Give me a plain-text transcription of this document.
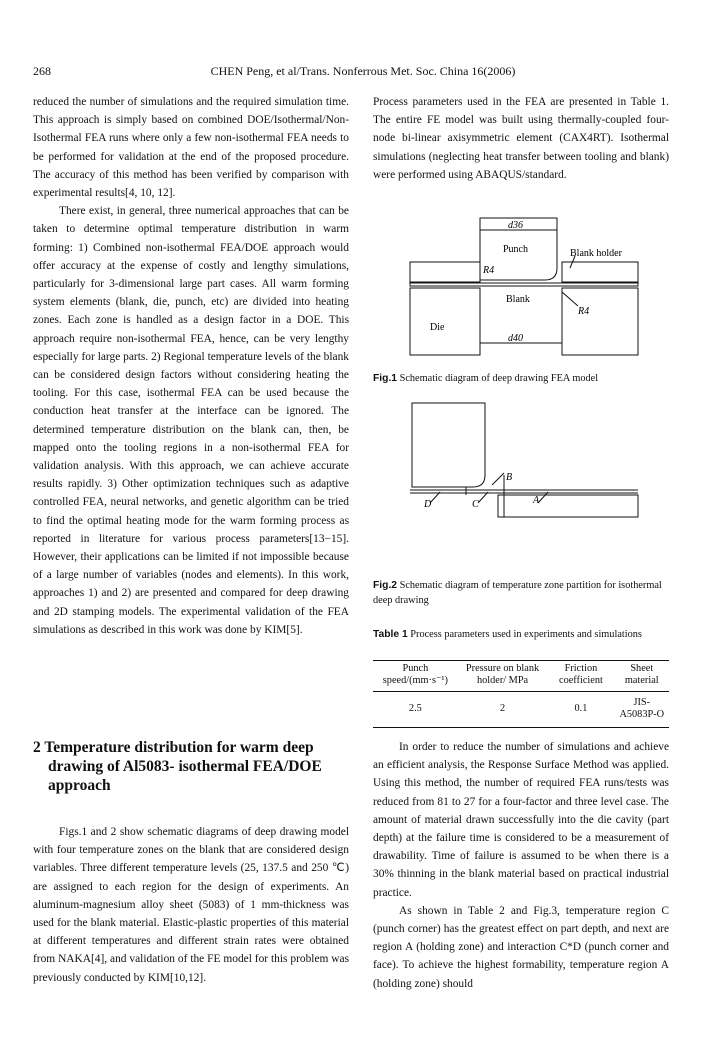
268	CHEN Peng, et al/Trans. Nonferrous Met. Soc. China 16(2006)

reduced the number of simulations and the required simulation time. This approach is simply based on combined DOE/Isothermal/Non-Isothermal FEA runs where only a few non-isothermal FEA needs to be performed for validation at the end of the proposed procedure. The accuracy of this method has been verified by comparison with experimental results[4, 10, 12].

There exist, in general, three numerical approaches that can be taken to determine optimal temperature distribution in warm forming: 1) Combined non-isothermal FEA/DOE approach would offer accuracy at the expense of costly and lengthy simulations, particularly for 3-dimensional large part cases. All warm forming system elements (blank, die, punch, etc) are divided into heating zones. Each zone is handled as a design factor in a DOE. This approach require non-isothermal FEA, hence, can be very lengthy especially for large parts. 2) Regional temperature levels of the blank can be considered design factors without considering heating the tooling. For this case, isothermal FEA can be used because the conduction heat transfer at the interface can be ignored. The determined temperature distribution on the blank can, then, be mapped onto the tooling regions in a non-isothermal FEA for validation analysis. With this approach, we can achieve accurate results rapidly. 3) Other optimization techniques such as adaptive controlled FEA, neural networks, and genetic algorithm can be tried to find the optimal heating mode for the warm forming process as reported in literature for various process parameters[13−15]. However, their applications can be limited if not impossible because of a large number of variables (nodes and elements). In this work, approaches 1) and 2) are presented and compared for deep drawing and 2D stamping models. The experimental validation of the FEA simulations as described in this work was done by KIM[5].

2 Temperature distribution for warm deep
drawing of Al5083- isothermal FEA/DOE
approach

Figs.1 and 2 show schematic diagrams of deep drawing model with four temperature zones on the blank that are considered design variables. Three different temperature levels (25, 137.5 and 250 ℃) are assigned to each region for the design of experiments. An aluminum-magnesium alloy sheet (5083) of 1 mm-thickness was used for the blank material. Elastic-plastic properties of this material at different temperatures and different strain rates were obtained from NAKA[4], and validation of the FE model for this problem was previously conducted by KIM[10,12].

Process parameters used in the FEA are presented in Table 1. The entire FE model was built using thermally-coupled four-node bi-linear axisymmetric element (CAX4RT). Isothermal simulations (neglecting heat transfer between tooling and blank) were performed using ABAQUS/standard.

d36
Punch
R4
Blank holder
Blank
R4
Die
d40
Fig.1 Schematic diagram of deep drawing FEA model
B
D	C	A
Fig.2 Schematic diagram of temperature zone partition for isothermal deep drawing
Table 1 Process parameters used in experiments and simulations
Punch speed/(mm·s⁻¹)	Pressure on blank holder/ MPa	Friction coefficient	Sheet material
2.5	2	0.1	JIS-A5083P-O

In order to reduce the number of simulations and achieve an efficient analysis, the Response Surface Method was applied. Using this method, the number of required FEA runs/tests was reduced from 81 to 27 for a four-factor and three level case. The amount of material drawn successfully into the die cavity (part depth) at the failure time is considered to be a measurement of drawability. Time of failure is assumed to be when there is a 30% thinning in the blank material based on practical industrial practice.

As shown in Table 2 and Fig.3, temperature region C (punch corner) has the greatest effect on part depth, and next are region A (holding zone) and interaction C*D (punch corner and face). To achieve the highest formability, temperature region A (holding zone) should
